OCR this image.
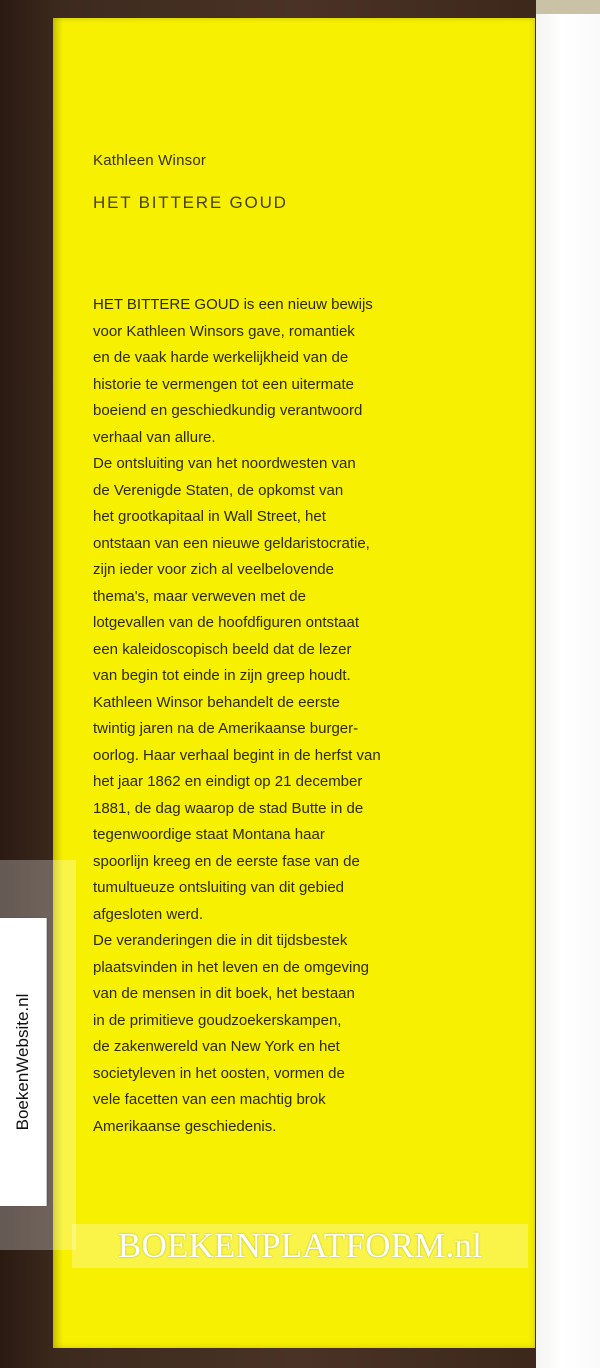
Kathleen Winsor

HET BITTERE GOUD
HET BITTERE GOUD is een nieuw bewijs
voor Kathleen Winsors gave, romantiek
en de vaak harde werkelijkheid van de
historie te vermengen tot een uitermate
boeiend en geschiedkundig verantwoord
verhaal van allure.
De ontsluiting van het noordwesten van
de Verenigde Staten, de opkomst van
het grootkapitaal in Wall Street, het
ontstaan van een nieuwe geldaristocratie,
zijn ieder voor zich al veelbelovende
thema's, maar verweven met de
lotgevallen van de hoofdfiguren ontstaat
een kaleidoscopisch beeld dat de lezer
van begin tot einde in zijn greep houdt.
Kathleen Winsor behandelt de eerste
twintig jaren na de Amerikaanse burger-
oorlog. Haar verhaal begint in de herfst van
het jaar 1862 en eindigt op 21 december
1881, de dag waarop de stad Butte in de
tegenwoordige staat Montana haar
spoorlijn kreeg en de eerste fase van de
tumultueuze ontsluiting van dit gebied
afgesloten werd.
De veranderingen die in dit tijdsbestek
plaatsvinden in het leven en de omgeving
van de mensen in dit boek, het bestaan
in de primitieve goudzoekerskampen,
de zakenwereld van New York en het
societyleven in het oosten, vormen de
vele facetten van een machtig brok
Amerikaanse geschiedenis.
BoekenWebsite.nl
BOEKENPLATFORM.nl
